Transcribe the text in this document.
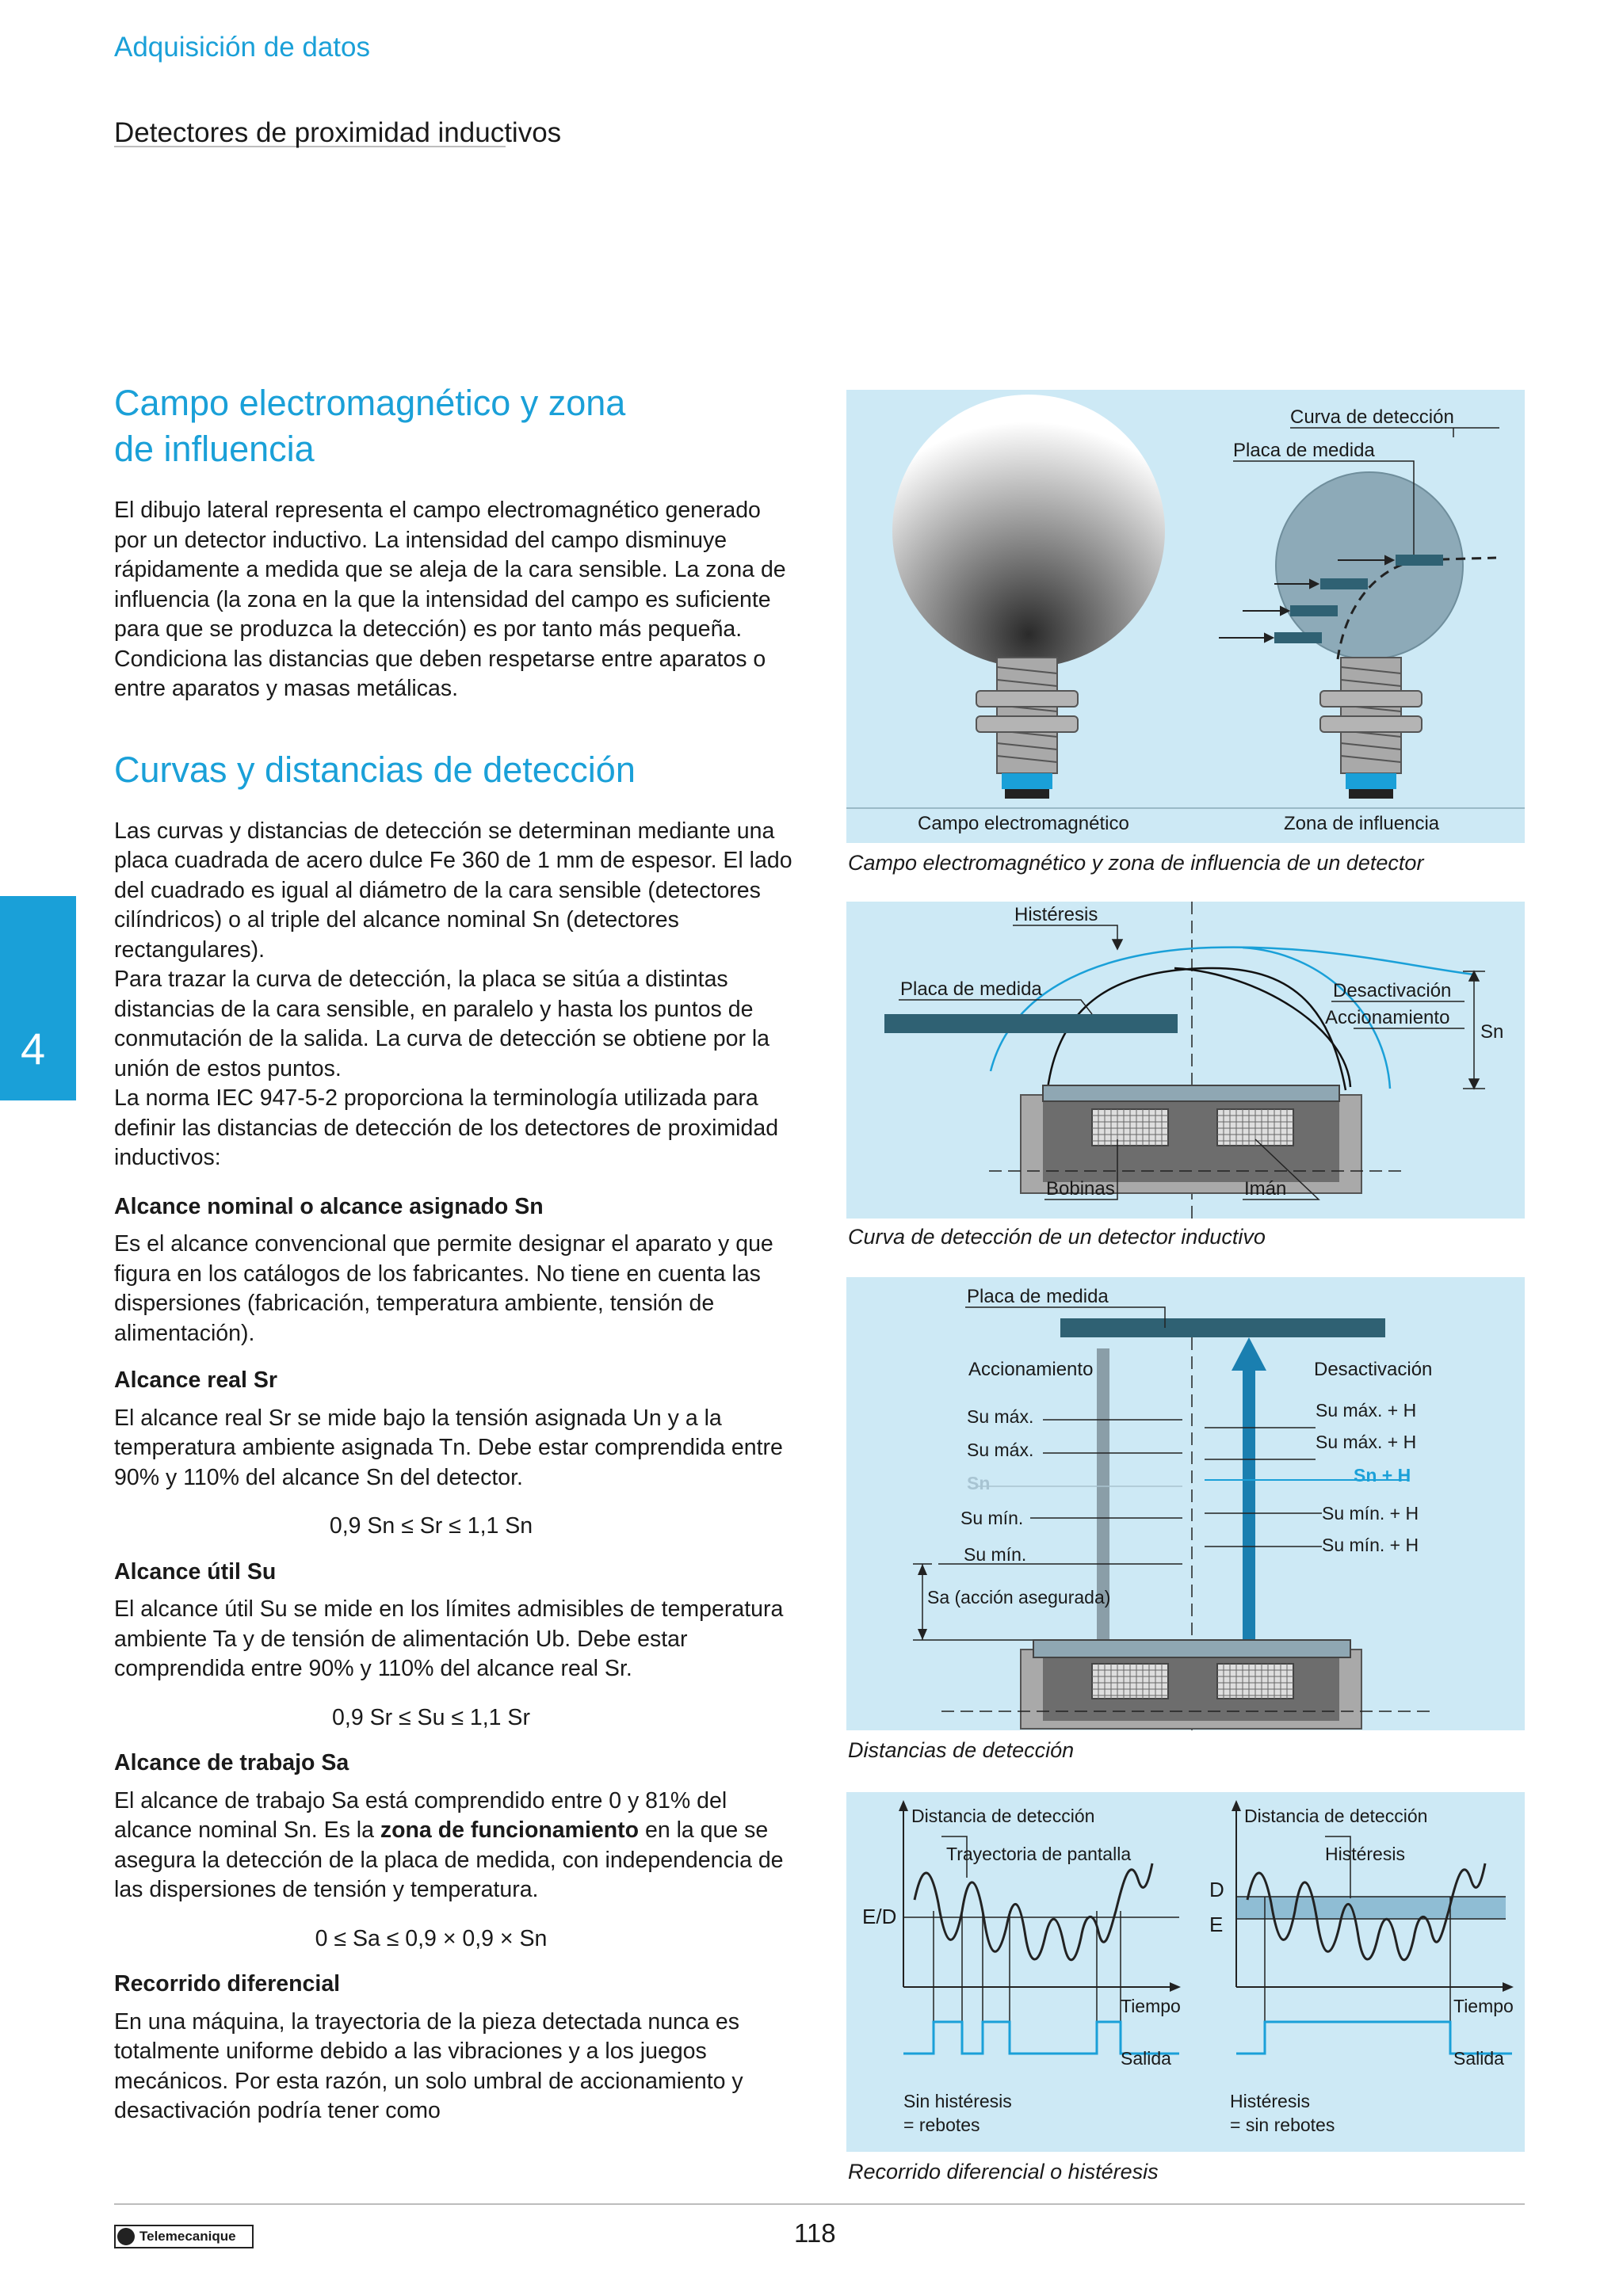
Adquisición de datos

Detectores de proximidad inductivos

4
Campo electromagnético y zona
de influencia

El dibujo lateral representa el campo electromagnético generado por un detector inductivo. La intensidad del campo disminuye rápidamente a medida que se aleja de la cara sensible. La zona de influencia (la zona en la que la intensidad del campo es suficiente para que se produzca la detección) es por tanto más pequeña. Condiciona las distancias que deben respetarse entre aparatos o entre aparatos y masas metálicas.

Curvas y distancias de detección

Las curvas y distancias de detección se determinan mediante una placa cuadrada de acero dulce Fe 360 de 1 mm de espesor. El lado del cuadrado es igual al diámetro de la cara sensible (detectores cilíndricos) o al triple del alcance nominal Sn (detectores rectangulares).

Para trazar la curva de detección, la placa se sitúa a distintas distancias de la cara sensible, en paralelo y hasta los puntos de conmutación de la salida. La curva de detección se obtiene por la unión de estos puntos.

La norma IEC 947-5-2 proporciona la terminología utilizada para definir las distancias de detección de los detectores de proximidad inductivos:

Alcance nominal o alcance asignado Sn

Es el alcance convencional que permite designar el aparato y que figura en los catálogos de los fabricantes. No tiene en cuenta las dispersiones (fabricación, temperatura ambiente, tensión de alimentación).

Alcance real Sr

El alcance real Sr se mide bajo la tensión asignada Un y a la temperatura ambiente asignada Tn. Debe estar comprendida entre 90% y 110% del alcance Sn del detector.

0,9 Sn ≤ Sr ≤ 1,1 Sn

Alcance útil Su

El alcance útil Su se mide en los límites admisibles de temperatura ambiente Ta y de tensión de alimentación Ub. Debe estar comprendida entre 90% y 110% del alcance real Sr.

0,9 Sr ≤ Su ≤ 1,1 Sr

Alcance de trabajo Sa

El alcance de trabajo Sa está comprendido entre 0 y 81% del alcance nominal Sn. Es la zona de funcionamiento en la que se asegura la detección de la placa de medida, con independencia de las dispersiones de tensión y temperatura.

0 ≤ Sa ≤ 0,9 × 0,9 × Sn

Recorrido diferencial

En una máquina, la trayectoria de la pieza detectada nunca es totalmente uniforme debido a las vibraciones y a los juegos mecánicos. Por esta razón, un solo umbral de accionamiento y desactivación podría tener como

Curva de detección
Placa de medida
Campo electromagnético	Zona de influencia
Campo electromagnético y zona de influencia de un detector
Histéresis
Placa de medida	Desactivación
Accionamiento
Sn
Bobinas	Imán
Curva de detección de un detector inductivo
Placa de medida
Accionamiento	Desactivación
Su máx.
Su máx.
Sn
Su mín.
Su mín.
Sa (acción asegurada)
Su máx. + H
Su máx. + H
Sn + H
Su mín. + H
Su mín. + H
Distancias de detección
Distancia de detección
Trayectoria de pantalla
E/D
Tiempo
Salida
Sin histéresis
= rebotes
Distancia de detección
Histéresis
D
E
Tiempo
Salida
Histéresis
= sin rebotes
Recorrido diferencial o histéresis
Telemecanique	118
